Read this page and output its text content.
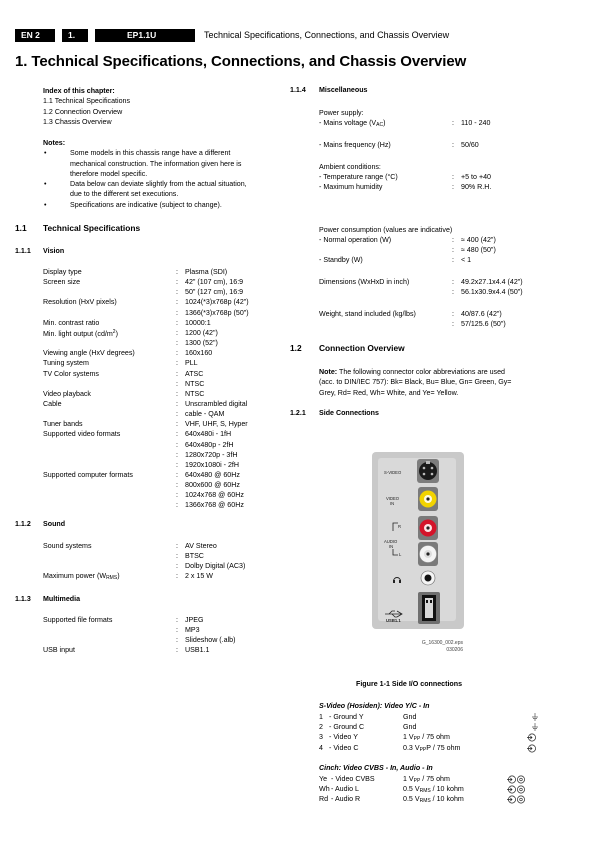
EN 2	1.	EP1.1U	Technical Specifications, Connections, and Chassis Overview
1. Technical Specifications, Connections, and Chassis Overview
Index of this chapter:
1.1 Technical Specifications
1.2 Connection Overview
1.3 Chassis Overview
Notes:
• Some models in this chassis range have a different
mechanical construction. The information given here is
therefore model specific.
• Data below can deviate slightly from the actual situation,
due to the different set executions.
• Specifications are indicative (subject to change).
1.1 Technical Specifications
1.1.1 Vision
Display type	: Plasma (SDI)
Screen size	: 42" (107 cm), 16:9
: 50" (127 cm), 16:9
Resolution (HxV pixels)	: 1024(*3)x768p (42")
: 1366(*3)x768p (50")
Min. contrast ratio	: 10000:1
Min. light output $(cd/m^2)$	: 1200 (42")
: 1300 (52")
Viewing angle (HxV degrees)	: 160x160
Tuning system	: PLL
TV Color systems	: ATSC
: NTSC
Video playback	: NTSC
Cable	: Unscrambled digital
: cable - QAM
Tuner bands	: VHF, UHF, S, Hyper
Supported video formats	: 640x480i - 1fH
: 640x480p - 2fH
: 1280x720p - 3fH
: 1920x1080i - 2fH
Supported computer formats	: 640x480 @ 60Hz
: 800x600 @ 60Hz
: 1024x768 @ 60Hz
: 1366x768 @ 60Hz
1.1.2 Sound
Sound systems	: AV Stereo
: BTSC
: Dolby Digital (AC3)
Maximum power $(W_{RMS})$	: 2 x 15 W
1.1.3 Multimedia
Supported file formats	: JPEG
: MP3
: Slideshow (.alb)
USB input	: USB1.1
1.1.4 Miscellaneous
Power supply:
- Mains voltage $(V_{AC})$	: 110 - 240
- Mains frequency (Hz)	: 50/60
Ambient conditions:
- Temperature range (°C)	: +5 to +40
- Maximum humidity	: 90% R.H.
Power consumption (values are indicative)
- Normal operation (W)	: ≈ 400 (42")
: ≈ 480 (50")
- Standby (W)	: < 1
Dimensions (WxHxD in inch)	: 49.2x27.1x4.4 (42")
: 56.1x30.9x4.4 (50")
Weight, stand included (kg/lbs)	: 40/87.6 (42")
: 57/125.6 (50")
1.2 Connection Overview
Note: The following connector color abbreviations are used
(acc. to DIN/IEC 757): Bk= Black, Bu= Blue, Gn= Green, Gy=
Grey, Rd= Red, Wh= White, and Ye= Yellow.
1.2.1 Side Connections
S-VIDEO
VIDEO
IN
R
AUDIO
IN
L
USB1.1
G_16300_002.eps
030206
Figure 1-1 Side I/O connections
S-Video (Hosiden): Video Y/C - In
1 - Ground Y	Gnd
2 - Ground C	Gnd
3 - Video Y	1 $V_{PP} / 75$ ohm
4 - Video C	0.3 $V_{PP}P / 75$ ohm
Cinch: Video CVBS - In, Audio - In
Ye - Video CVBS	1 $V_{PP} / 75$ ohm
Wh - Audio L	0.5 $V_{RMS} / 10$ kohm
Rd - Audio R	0.5 $V_{RMS} / 10$ kohm
